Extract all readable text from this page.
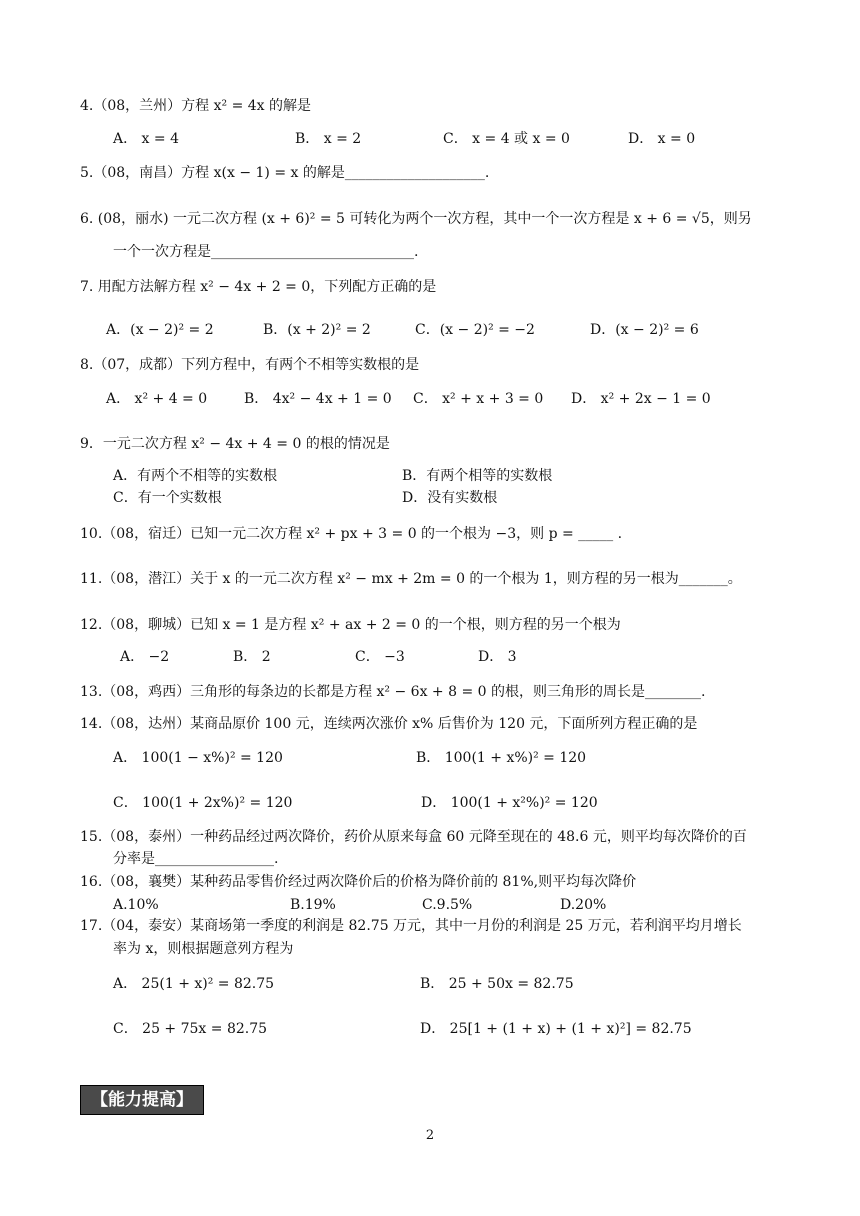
4.（08，兰州）方程 x² = 4x 的解是
A． x = 4	B． x = 2	C． x = 4 或 x = 0	D． x = 0
5.（08，南昌）方程 x(x − 1) = x 的解是____________________.
6. (08，丽水) 一元二次方程 (x + 6)² = 5 可转化为两个一次方程，其中一个一次方程是 x + 6 = √5，则另
一个一次方程是_____________________________.
7. 用配方法解方程 x² − 4x + 2 = 0，下列配方正确的是
A．(x − 2)² = 2	B．(x + 2)² = 2	C．(x − 2)² = −2	D．(x − 2)² = 6
8.（07，成都）下列方程中，有两个不相等实数根的是
A． x² + 4 = 0	B． 4x² − 4x + 1 = 0 C． x² + x + 3 = 0 D． x² + 2x − 1 = 0
9．一元二次方程 x² − 4x + 4 = 0 的根的情况是
A．有两个不相等的实数根	B．有两个相等的实数根
C．有一个实数根	D．没有实数根
10.（08，宿迁）已知一元二次方程 x² + px + 3 = 0 的一个根为 −3，则 p = _____ .
11.（08，潜江）关于 x 的一元二次方程 x² − mx + 2m = 0 的一个根为 1，则方程的另一根为_______。
12.（08，聊城）已知 x = 1 是方程 x² + ax + 2 = 0 的一个根，则方程的另一个根为
A． −2	B． 2	C． −3	D． 3
13.（08，鸡西）三角形的每条边的长都是方程 x² − 6x + 8 = 0 的根，则三角形的周长是________.
14.（08，达州）某商品原价 100 元，连续两次涨价 x% 后售价为 120 元，下面所列方程正确的是
A． 100(1 − x%)² = 120	B． 100(1 + x%)² = 120
C． 100(1 + 2x%)² = 120	D． 100(1 + x²%)² = 120
15.（08，泰州）一种药品经过两次降价，药价从原来每盒 60 元降至现在的 48.6 元，则平均每次降价的百
分率是_________________.
16.（08，襄樊）某种药品零售价经过两次降价后的价格为降价前的 81%,则平均每次降价
A.10%	B.19%	C.9.5%	D.20%
17.（04，泰安）某商场第一季度的利润是 82.75 万元，其中一月份的利润是 25 万元，若利润平均月增长
率为 x，则根据题意列方程为
A． 25(1 + x)² = 82.75	B． 25 + 50x = 82.75
C． 25 + 75x = 82.75	D． 25[1 + (1 + x) + (1 + x)²] = 82.75
【能力提高】
2
